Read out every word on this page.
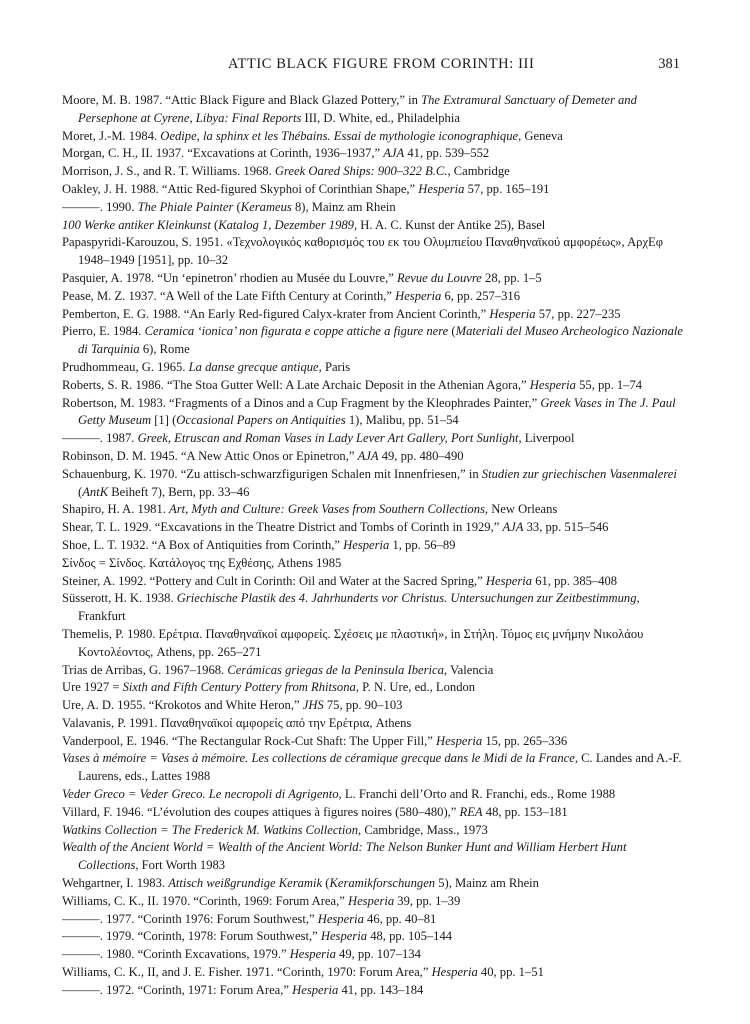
ATTIC BLACK FIGURE FROM CORINTH: III	381
Moore, M. B. 1987. “Attic Black Figure and Black Glazed Pottery,” in The Extramural Sanctuary of Demeter and Persephone at Cyrene, Libya: Final Reports III, D. White, ed., Philadelphia
Moret, J.-M. 1984. Oedipe, la sphinx et les Thébains. Essai de mythologie iconographique, Geneva
Morgan, C. H., II. 1937. “Excavations at Corinth, 1936–1937,” AJA 41, pp. 539–552
Morrison, J. S., and R. T. Williams. 1968. Greek Oared Ships: 900–322 B.C., Cambridge
Oakley, J. H. 1988. “Attic Red-figured Skyphoi of Corinthian Shape,” Hesperia 57, pp. 165–191
———. 1990. The Phiale Painter (Kerameus 8), Mainz am Rhein
100 Werke antiker Kleinkunst (Katalog 1, Dezember 1989, H. A. C. Kunst der Antike 25), Basel
Papaspyridi-Karouzou, S. 1951. «Τεχνολογικός καθορισμός του εκ του Ολυμπιείου Παναθηναϊκού αμφορέως», ΑρχΕφ 1948–1949 [1951], pp. 10–32
Pasquier, A. 1978. “Un ‘epinetron’ rhodien au Musée du Louvre,” Revue du Louvre 28, pp. 1–5
Pease, M. Z. 1937. “A Well of the Late Fifth Century at Corinth,” Hesperia 6, pp. 257–316
Pemberton, E. G. 1988. “An Early Red-figured Calyx-krater from Ancient Corinth,” Hesperia 57, pp. 227–235
Pierro, E. 1984. Ceramica ‘ionica’ non figurata e coppe attiche a figure nere (Materiali del Museo Archeologico Nazionale di Tarquinia 6), Rome
Prudhommeau, G. 1965. La danse grecque antique, Paris
Roberts, S. R. 1986. “The Stoa Gutter Well: A Late Archaic Deposit in the Athenian Agora,” Hesperia 55, pp. 1–74
Robertson, M. 1983. “Fragments of a Dinos and a Cup Fragment by the Kleophrades Painter,” Greek Vases in The J. Paul Getty Museum [1] (Occasional Papers on Antiquities 1), Malibu, pp. 51–54
———. 1987. Greek, Etruscan and Roman Vases in Lady Lever Art Gallery, Port Sunlight, Liverpool
Robinson, D. M. 1945. “A New Attic Onos or Epinetron,” AJA 49, pp. 480–490
Schauenburg, K. 1970. “Zu attisch-schwarzfigurigen Schalen mit Innenfriesen,” in Studien zur griechischen Vasenmalerei (AntK Beiheft 7), Bern, pp. 33–46
Shapiro, H. A. 1981. Art, Myth and Culture: Greek Vases from Southern Collections, New Orleans
Shear, T. L. 1929. “Excavations in the Theatre District and Tombs of Corinth in 1929,” AJA 33, pp. 515–546
Shoe, L. T. 1932. “A Box of Antiquities from Corinth,” Hesperia 1, pp. 56–89
Σίνδος = Σίνδος. Κατάλογος της Εχθέσης, Athens 1985
Steiner, A. 1992. “Pottery and Cult in Corinth: Oil and Water at the Sacred Spring,” Hesperia 61, pp. 385–408
Süsserott, H. K. 1938. Griechische Plastik des 4. Jahrhunderts vor Christus. Untersuchungen zur Zeitbestimmung, Frankfurt
Themelis, P. 1980. Ερέτρια. Παναθηναϊκοί αμφορείς. Σχέσεις με πλαστική», in Στήλη. Τόμος εις μνήμην Νικολάου Κοντολέοντος, Athens, pp. 265–271
Trias de Arribas, G. 1967–1968. Cerámicas griegas de la Peninsula Iberica, Valencia
Ure 1927 = Sixth and Fifth Century Pottery from Rhitsona, P. N. Ure, ed., London
Ure, A. D. 1955. “Krokotos and White Heron,” JHS 75, pp. 90–103
Valavanis, P. 1991. Παναθηναϊκοί αμφορείς από την Ερέτρια, Athens
Vanderpool, E. 1946. “The Rectangular Rock-Cut Shaft: The Upper Fill,” Hesperia 15, pp. 265–336
Vases à mémoire = Vases à mémoire. Les collections de céramique grecque dans le Midi de la France, C. Landes and A.-F. Laurens, eds., Lattes 1988
Veder Greco = Veder Greco. Le necropoli di Agrigento, L. Franchi dell’Orto and R. Franchi, eds., Rome 1988
Villard, F. 1946. “L’évolution des coupes attiques à figures noires (580–480),” REA 48, pp. 153–181
Watkins Collection = The Frederick M. Watkins Collection, Cambridge, Mass., 1973
Wealth of the Ancient World = Wealth of the Ancient World: The Nelson Bunker Hunt and William Herbert Hunt Collections, Fort Worth 1983
Wehgartner, I. 1983. Attisch weißgrundige Keramik (Keramikforschungen 5), Mainz am Rhein
Williams, C. K., II. 1970. “Corinth, 1969: Forum Area,” Hesperia 39, pp. 1–39
———. 1977. “Corinth 1976: Forum Southwest,” Hesperia 46, pp. 40–81
———. 1979. “Corinth, 1978: Forum Southwest,” Hesperia 48, pp. 105–144
———. 1980. “Corinth Excavations, 1979.” Hesperia 49, pp. 107–134
Williams, C. K., II, and J. E. Fisher. 1971. “Corinth, 1970: Forum Area,” Hesperia 40, pp. 1–51
———. 1972. “Corinth, 1971: Forum Area,” Hesperia 41, pp. 143–184
